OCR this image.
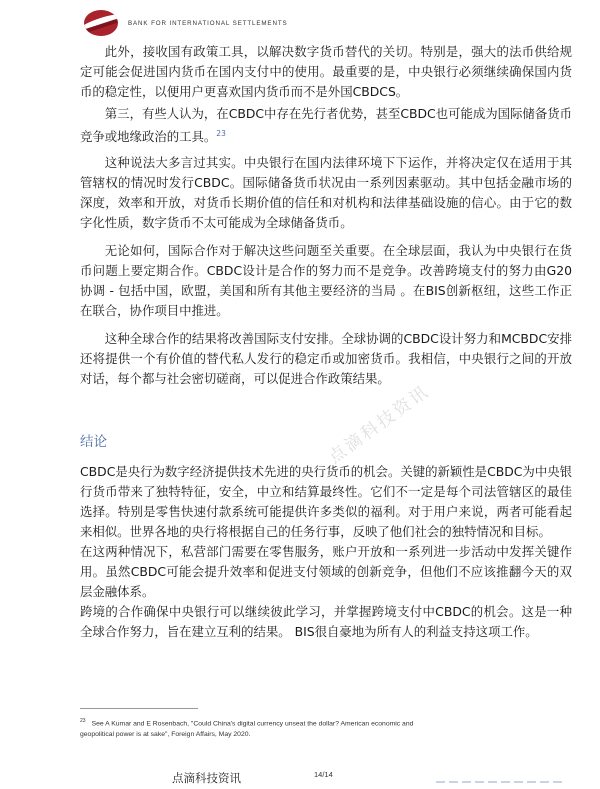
BANK FOR INTERNATIONAL SETTLEMENTS

此外，接收国有政策工具，以解决数字货币替代的关切。特别是，强大的法币供给规定可能会促进国内货币在国内支付中的使用。最重要的是，中央银行必须继续确保国内货币的稳定性，以便用户更喜欢国内货币而不是外国CBDCS。

第三，有些人认为，在CBDC中存在先行者优势，甚至CBDC也可能成为国际储备货币竞争或地缘政治的工具。$^{23}$

这种说法大多言过其实。中央银行在国内法律环境下下运作，并将决定仅在适用于其管辖权的情况时发行CBDC。国际储备货币状况由一系列因素驱动。其中包括金融市场的深度，效率和开放，对货币长期价值的信任和对机构和法律基础设施的信心。由于它的数字化性质，数字货币不太可能成为全球储备货币。

无论如何，国际合作对于解决这些问题至关重要。在全球层面，我认为中央银行在货币问题上要定期合作。CBDC设计是合作的努力而不是竞争。改善跨境支付的努力由G20协调 - 包括中国，欧盟，美国和所有其他主要经济的当局 。在BIS创新枢纽，这些工作正在联合，协作项目中推进。

这种全球合作的结果将改善国际支付安排。全球协调的CBDC设计努力和MCBDC安排还将提供一个有价值的替代私人发行的稳定币或加密货币。我相信，中央银行之间的开放对话，每个都与社会密切磋商，可以促进合作政策结果。

结论

CBDC是央行为数字经济提供技术先进的央行货币的机会。关键的新颖性是CBDC为中央银行货币带来了独特特征，安全，中立和结算最终性。它们不一定是每个司法管辖区的最佳选择。特别是零售快速付款系统可能提供许多类似的福利。对于用户来说，两者可能看起来相似。世界各地的央行将根据自己的任务行事，反映了他们社会的独特情况和目标。

在这两种情况下，私营部门需要在零售服务，账户开放和一系列进一步活动中发挥关键作用。虽然CBDC可能会提升效率和促进支付领域的创新竞争，但他们不应该推翻今天的双层金融体系。

跨境的合作确保中央银行可以继续彼此学习，并掌握跨境支付中CBDC的机会。这是一种全球合作努力，旨在建立互利的结果。 BIS很自豪地为所有人的利益支持这项工作。

点滴科技资讯
$^{23}$ See A Kumar and E Rosenbach, "Could China's digital currency unseat the dollar? American economic and geopolitical power is at sake", Foreign Affairs, May 2020.
点滴科技资讯	14/14
